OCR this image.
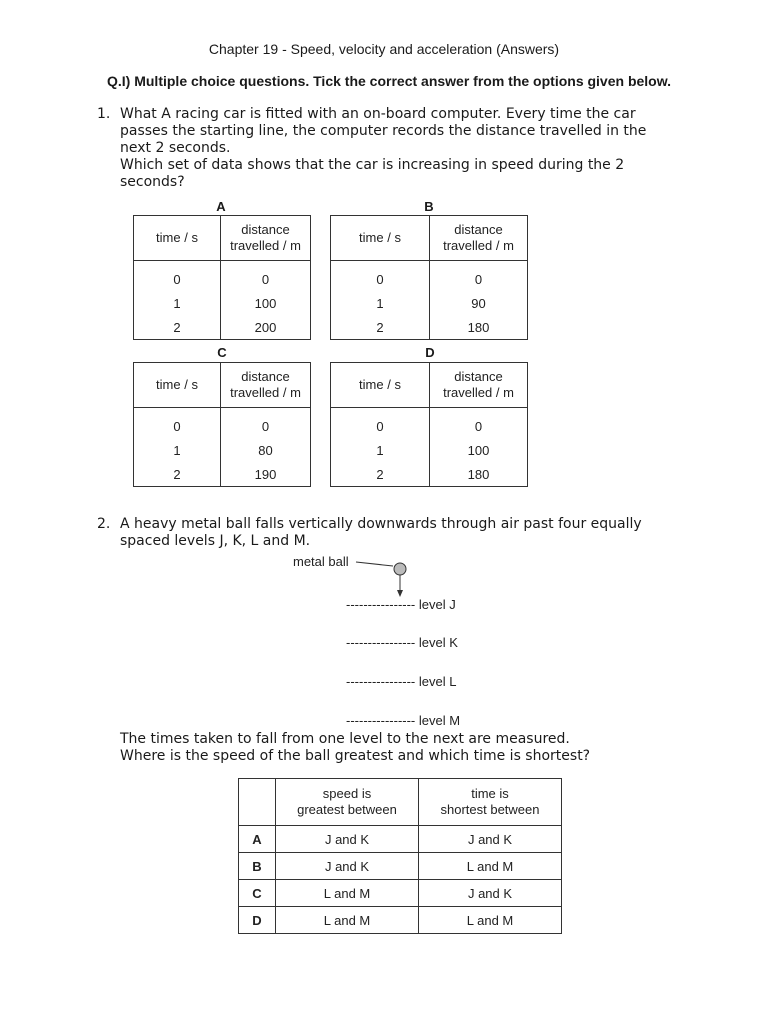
Chapter 19 - Speed, velocity and acceleration (Answers)
Q.I) Multiple choice questions. Tick the correct answer from the options given below.
1. What A racing car is fitted with an on-board computer. Every time the car
passes the starting line, the computer records the distance travelled in the
next 2 seconds.
Which set of data shows that the car is increasing in speed during the 2
seconds?
A
time / s	distance
travelled / m

0	0
1	100
2	200
B
time / s	distance
travelled / m

0	0
1	90
2	180
C
time / s	distance
travelled / m

0	0
1	80
2	190
D
time / s	distance
travelled / m

0	0
1	100
2	180
2. A heavy metal ball falls vertically downwards through air past four equally
spaced levels J, K, L and M.
metal ball
---------------- level J
---------------- level K
---------------- level L
---------------- level M
The times taken to fall from one level to the next are measured.
Where is the speed of the ball greatest and which time is shortest?
	speed is
greatest between	time is
shortest between
A	J and K	J and K
B	J and K	L and M
C	L and M	J and K
D	L and M	L and M
